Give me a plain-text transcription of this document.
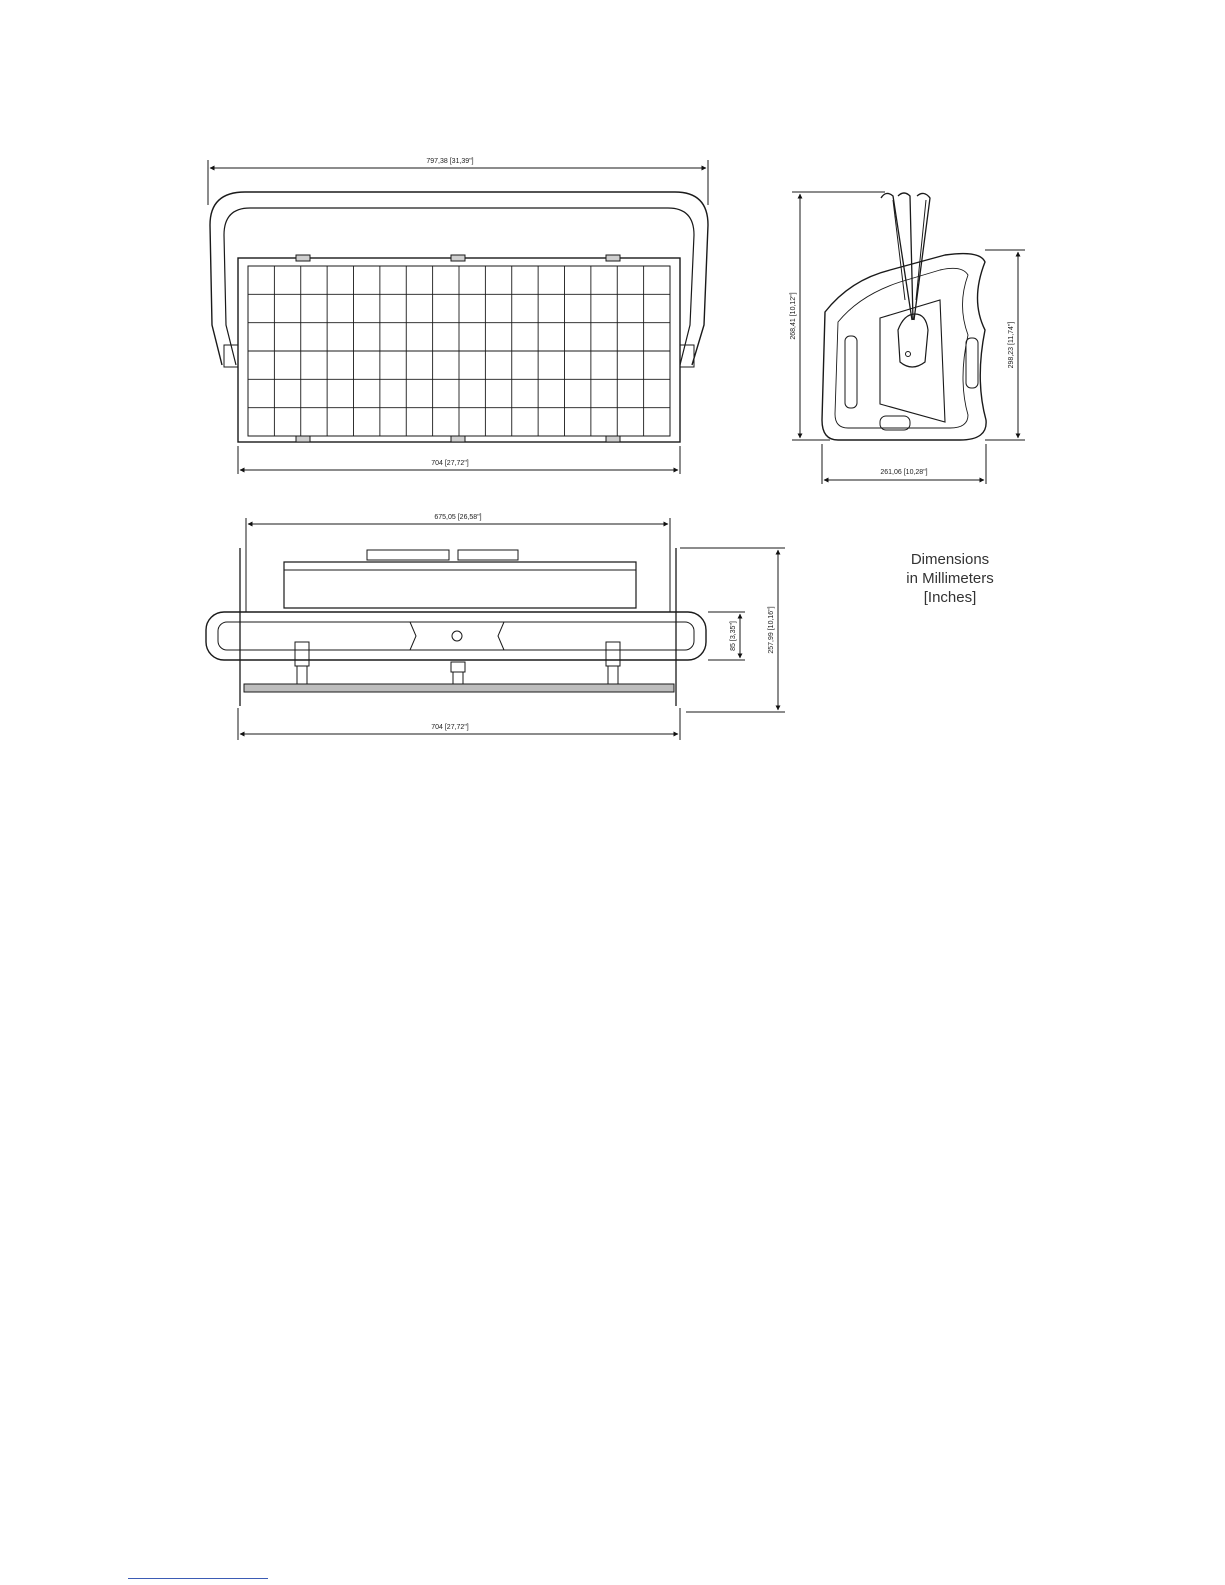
797,38 [31,39"]
704 [27,72"]
268,41 [10,12"]
298,23 [11,74"]
261,06 [10,28"]
675,05 [26,58"]
704 [27,72"]
85 [3,35"]	257,99 [10,16"]
Dimensions
in Millimeters
[Inches]
